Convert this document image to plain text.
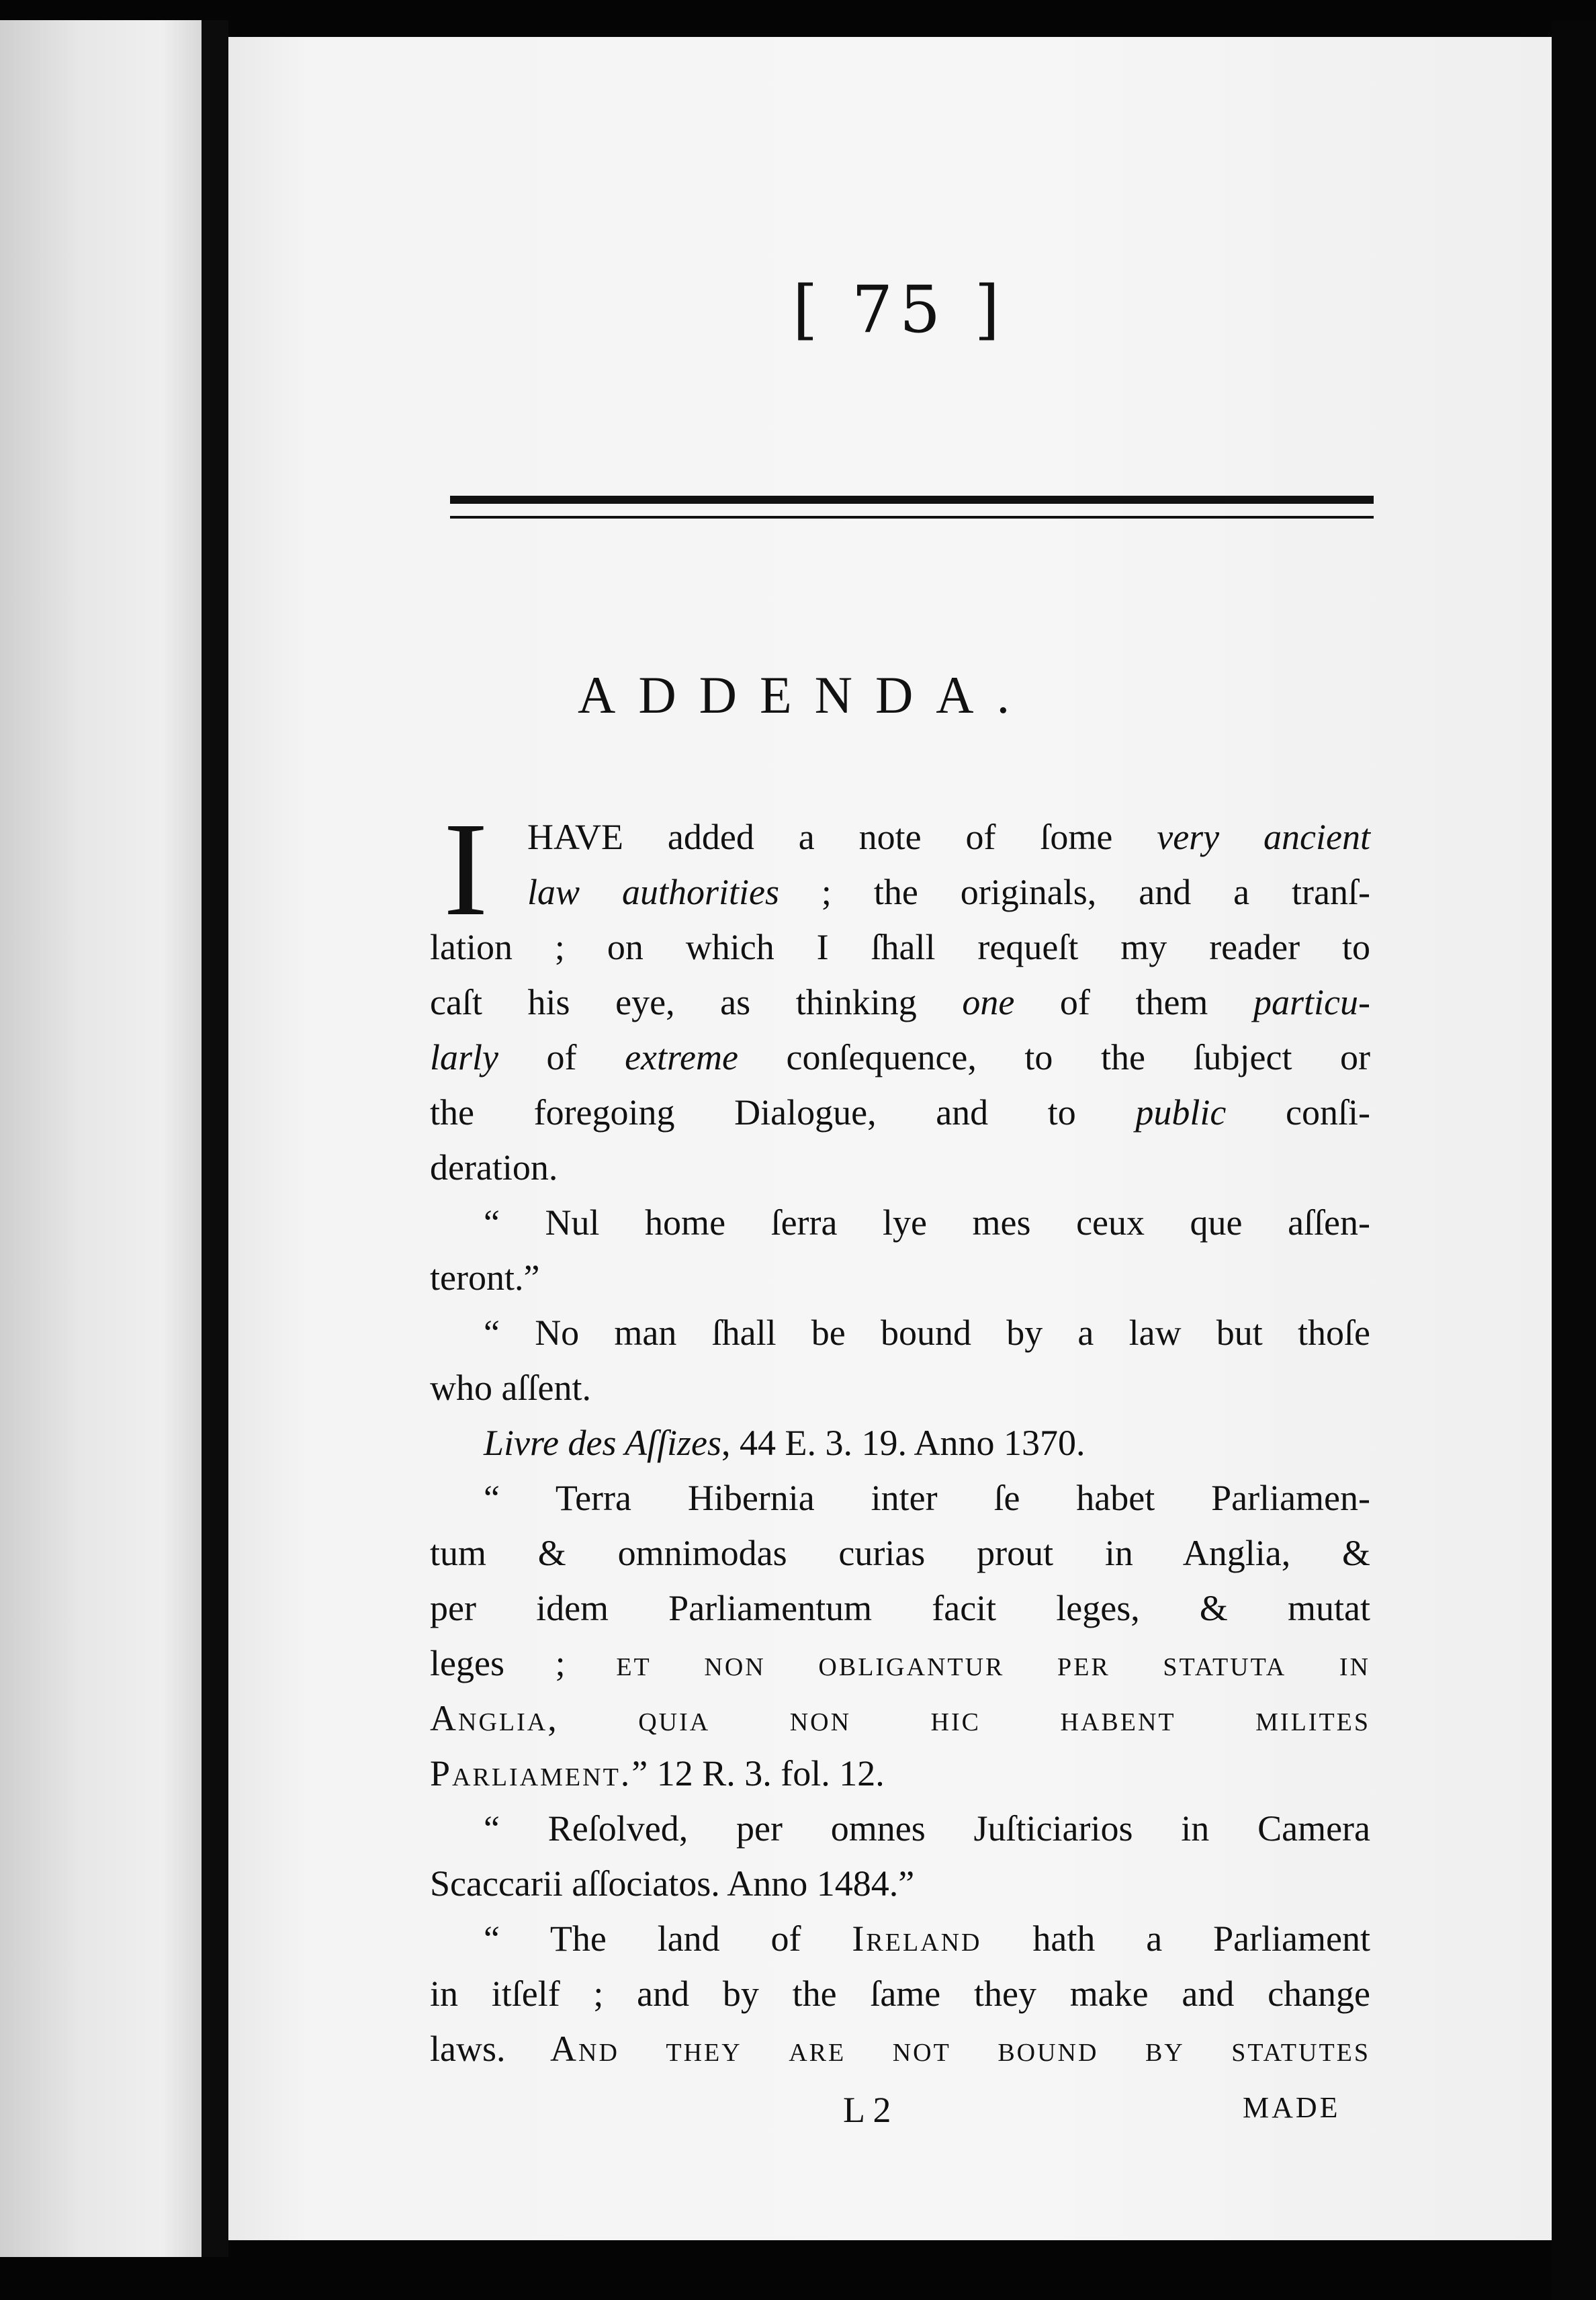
[ 75 ]
ADDENDA.
I	HAVE added a note of ſome very ancient
law authorities ; the originals, and a tranſ-
lation ; on which I ſhall requeſt my reader to
caſt his eye, as thinking one of them particu-
larly of extreme conſequence, to the ſubject or
the foregoing Dialogue, and to public conſi-
deration.
“ Nul home ſerra lye mes ceux que aſſen-
teront.”
“ No man ſhall be bound by a law but thoſe
who aſſent.
Livre des Aſſizes, 44 E. 3. 19. Anno 1370.
“ Terra Hibernia inter ſe habet Parliamen-
tum & omnimodas curias prout in Anglia, &
per idem Parliamentum facit leges, & mutat
leges ; et non obligantur per statuta in
Anglia, quia non hic habent milites
Parliament.” 12 R. 3. fol. 12.
“ Reſolved, per omnes Juſticiarios in Camera
Scaccarii aſſociatos. Anno 1484.”
“ The land of Ireland hath a Parliament
in itſelf ; and by the ſame they make and change
laws. And they are not bound by statutes
L 2	MADE
